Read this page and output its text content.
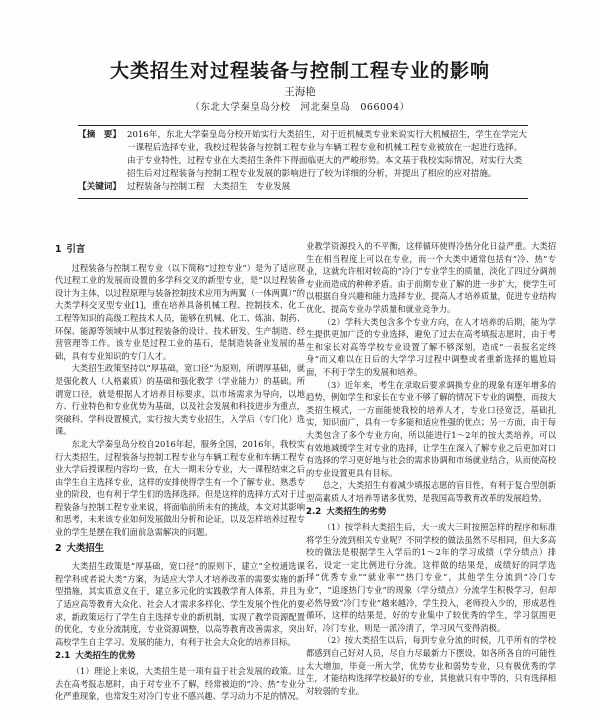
大类招生对过程装备与控制工程专业的影响
王海艳
（东北大学秦皇岛分校　河北秦皇岛　066004）
【摘　要】 2016年，东北大学秦皇岛分校开始实行大类招生，对于近机械类专业来说实行大机械招生，学生在学完大一课程后选择专业，我校过程装备与控制工程专业与车辆工程专业和机械工程专业被放在一起进行选择。由于专业特性，过程专业在大类招生条件下得面临更大的严峻形势。本文基于我校实际情况，对实行大类招生后对过程装备与控制工程专业发展的影响进行了较为详细的分析，并提出了相应的应对措施。
【关键词】 过程装备与控制工程　大类招生　专业发展
1 引言

过程装备与控制工程专业（以下简称“过控专业”）是为了适应现代过程工业的发展而设置的多学科交叉的新型专业，是“以过程装备设计为主体，以过程原理与装备控制技术应用为两翼（一体两翼）”的大类学科交叉型专业[1]，重在培养具备机械工程、控制技术、化工工程等知识的高级工程技术人员，能够在机械、化工、炼油、制药、环保、能源等领域中从事过程装备的设计、技术研发、生产制造、经营管理等工作。该专业是过程工业的基石，是制造装备业发展的基础，具有专业知识的专门人才。

大类招生政策坚持以“厚基础，宽口径”为原则，所谓厚基础，就是强化教人（人格素质）的基础和强化教学（学业能力）的基础。所谓宽口径，就是根据人才培养目标要求，以市场需求为导向，以地方、行业特色和专业优势为基础，以及社会发展和科技进步为重点，突破科、学科设置模式，实行按大类专业招生，入学后（专门化）选课。

东北大学秦皇岛分校自2016年起，服务全国，2016年，我校实行大类招生，过程装备与控制工程专业与车辆工程专业和车辆工程专业大学后授课程内容均一致，在大一期末分专业，大一课程结束之后由学生自主选择专业，这样的安排使得学生有一个了解专业、熟悉专业的阶段，也有利于学生们的选择选择。但是这样的选择方式对于过程装备与控制工程专业来说，将面临前所未有的挑战，本文对其影响和思考，未来该专业如何发展做出分析和论证，以及怎样培养过程专业的学生是摆在我们面前急需解决的问题。

2 大类招生

大类招生政策是“厚基础，宽口径”的原则下，建立“全校通选课程学科或者说大类”方案，为适应大学人才培养改革的需要实施的新型措施，其实质意义在于，建立多元化的实践教学育人体系，并且为了适应高等教育大众化、社会人才需求多样化、学生发展个性化的要求，新政策运行了学生自主选择专业的新机制，实现了教学资源配置的优化，专业分流制度，专业资源调整，以高等教育改善需求，突出高校学生自主学习、发展的能力，有利于社会大众化的培养目标。

2.1 大类招生的优势

（1）理论上来说，大类招生是一项有益于社会发展的政策。过去在高考报志愿时，由于对专业不了解，经常被迫的“冷、热”专业分化严重现象，也常发生对冷门专业不感兴趣、学习动力不足的情况。

业教学资源投入的不平衡，这样循环使得冷热分化日益严重。大类招生在相当程度上可以在专业，而一个大类中通常包括有“冷、热”专业，这就允许相对较高的“冷门”专业学生的质量，淡化了四过分调剂专业而造成的种种矛盾。由于前期专业了解的进一步扩大，使学生可以根据自身兴趣和能力选择专业，提高人才培养质量，促进专业结构优化，提高专业办学质量和就业竞争力。

（2）学科大类包含多个专业方向，在人才培养的后期，能为学生提供更加广泛的专业选择，避免了过去在高考填报志愿时，由于考生和家长对高等学校专业设置了解不够深刻，造成“一表报名定终身”而又难以在日后的大学学习过程中调整或者重新选择的尴尬局面，不利于学生的发展和培养。

（3）近年来，考生在录取后要求调换专业的现象有逐年增多的趋势，例如学生和家长在专业不够了解的情况下专业的调整，而按大类招生模式，一方面能使我校的培养人才，专业口径宽泛，基础扎实，知识面广，具有一专多能和适应性强的优点；另一方面，由于每大类包含了多个专业方向，所以能进行1～2年的按大类培养，可以有效地减缓学生对专业的选择，让学生在深入了解专业之后更加对口有选择的学习更好地与社会的需求协调和市场就业结合，从而使高校的专业设置更具有目标。

总之，大类招生有着减少填报志愿的盲目性，有利于复合型创新型高素质人才培养等诸多优势，是我国高等教育改革的发展趋势。

2.2 大类招生的劣势

（1）按学科大类招生后，大一或大三时按照怎样的程序和标准将学生分流到相关专业呢？不同学校的做法虽然不尽相同，但大多高校的做法是根据学生入学后的1～2年的学习成绩（学分绩点）排名，设定一定比例进行分流。这样做的结果是，成绩好的同学选择“优秀专业”“就业率”“热门专业”，其他学生分流到“冷门专业”，“追逐热门专业”的现象（学分绩点）分流学生积极学习，但却必然导致“冷门专业”越来越冷，学生投入，老师投入少的，形成恶性循环，这样的结果是，好的专业集中了较优秀的学生，学习氛围更好，冷门专业，则是一派冷清了，学习风气变得消极。

（2）按大类招生以后，每到专业分流的时候，几乎所有的学校都感到自己好对人员，尽自力尽最新力下摆设，如各所各自的可能性太大增加，毕竟一所大学，优势专业和弱势专业，只有极优秀的学生，才能结构选择学校最好的专业，其他就只有中等的，只有选择相对较弱的专业。
